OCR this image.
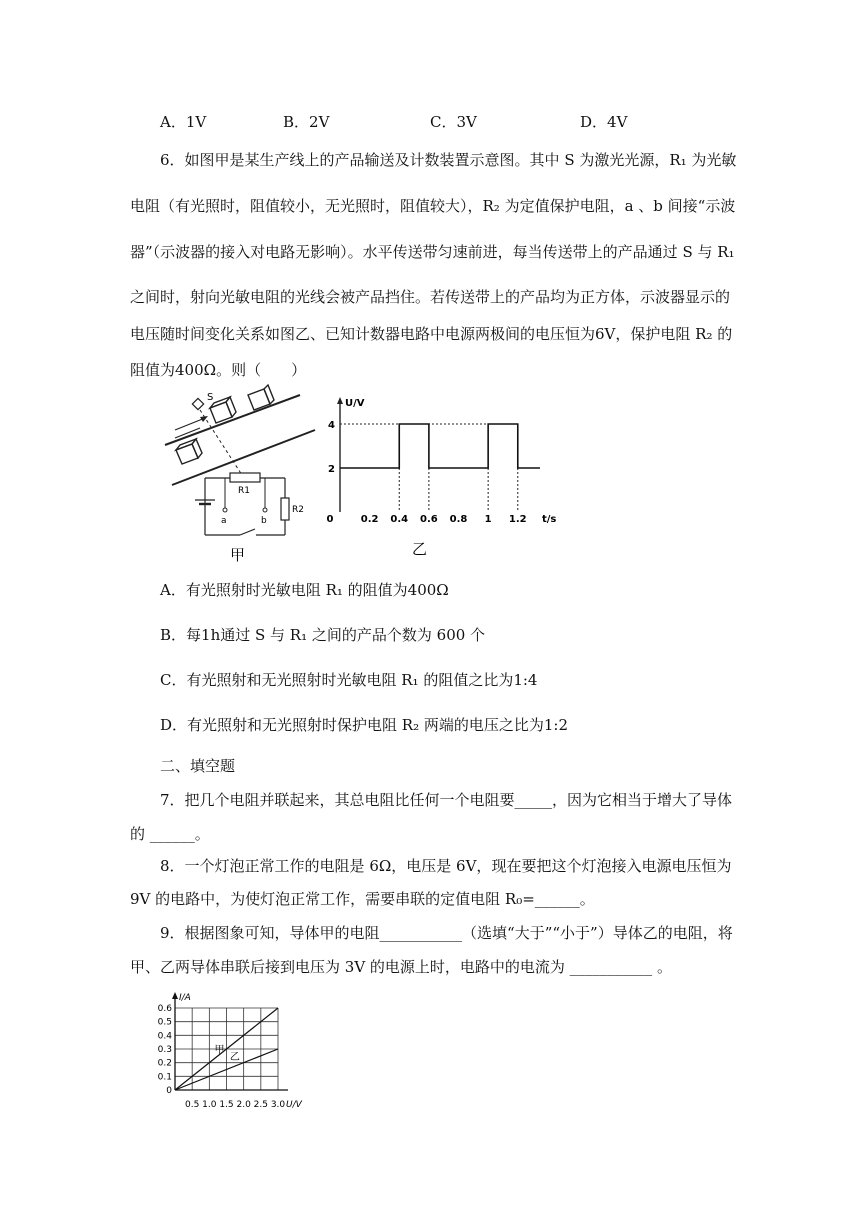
A．1V	B．2V	C．3V	D．4V
6．如图甲是某生产线上的产品输送及计数装置示意图。其中 S 为激光光源，R₁ 为光敏
电阻（有光照时，阻值较小，无光照时，阻值较大），R₂ 为定值保护电阻，a 、b 间接“示波
器”（示波器的接入对电路无影响）。水平传送带匀速前进，每当传送带上的产品通过 S 与 R₁
之间时，射向光敏电阻的光线会被产品挡住。若传送带上的产品均为正方体，示波器显示的
电压随时间变化关系如图乙、已知计数器电路中电源两极间的电压恒为6V，保护电阻 R₂ 的
阻值为400Ω。则（　　）
S
R1
R2
a	b
甲
U/V
2
4
0	0.2 0.4 0.6 0.8 1 1.2 t/s
乙
A．有光照射时光敏电阻 R₁ 的阻值为400Ω
B．每1h通过 S 与 R₁ 之间的产品个数为 600 个
C．有光照射和无光照射时光敏电阻 R₁ 的阻值之比为1:4
D．有光照射和无光照射时保护电阻 R₂ 两端的电压之比为1:2
二、填空题
7．把几个电阻并联起来，其总电阻比任何一个电阻要_____，因为它相当于增大了导体
的 ______。
8．一个灯泡正常工作的电阻是 6Ω，电压是 6V，现在要把这个灯泡接入电源电压恒为
9V 的电路中，为使灯泡正常工作，需要串联的定值电阻 R₀=______。
9．根据图象可知，导体甲的电阻___________（选填“大于”“小于”）导体乙的电阻，将
甲、乙两导体串联后接到电压为 3V 的电源上时，电路中的电流为 ___________ 。
I/A
0
0.1
0.2
0.3
0.4
0.5
0.6
0.5 1.0 1.5 2.0 2.5 3.0 U/V
甲
乙
